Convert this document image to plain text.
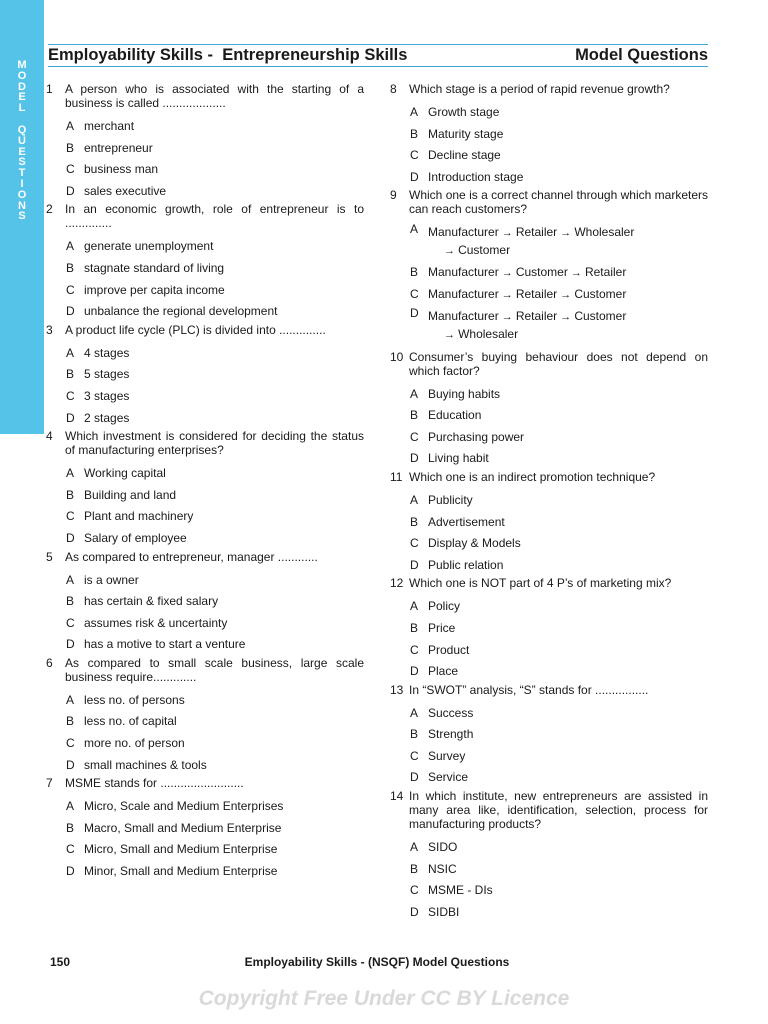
M
O
D
E
L
Q
U
E
S
T
I
O
N
S
Employability Skills -  Entrepreneurship Skills	Model Questions
1 A person who is associated with the starting of a business is called ...................
A merchant
B entrepreneur
C business man
D sales executive
2 In an economic growth, role of entrepreneur is to ..............
A generate unemployment
B stagnate standard of living
C improve per capita income
D unbalance the regional development
3 A product life cycle (PLC) is divided into ..............
A 4 stages
B 5 stages
C 3 stages
D 2 stages
4 Which investment is considered for deciding the status of manufacturing enterprises?
A Working capital
B Building and land
C Plant and machinery
D Salary of employee
5 As compared to entrepreneur, manager ............
A is a owner
B has certain & fixed salary
C assumes risk & uncertainty
D has a motive to start a venture
6 As compared to small scale business, large scale business require.............
A less no. of persons
B less no. of capital
C more no. of person
D small machines & tools
7 MSME stands for .........................
A Micro, Scale and Medium Enterprises
B Macro, Small and Medium Enterprise
C Micro, Small and Medium Enterprise
D Minor, Small and Medium Enterprise
8 Which stage is a period of rapid revenue growth?
A Growth stage
B Maturity stage
C Decline stage
D Introduction stage
9 Which one is a correct channel through which marketers can reach customers?
A Manufacturer → Retailer → Wholesaler
→ Customer
B Manufacturer → Customer → Retailer
C Manufacturer → Retailer → Customer
D Manufacturer → Retailer → Customer
→ Wholesaler
10 Consumer’s buying behaviour does not depend on which factor?
A Buying habits
B Education
C Purchasing power
D Living habit
11 Which one is an indirect promotion technique?
A Publicity
B Advertisement
C Display & Models
D Public relation
12 Which one is NOT part of 4 P’s of marketing mix?
A Policy
B Price
C Product
D Place
13 In “SWOT” analysis, “S” stands for ................
A Success
B Strength
C Survey
D Service
14 In which institute, new entrepreneurs are assisted in many area like, identification, selection, process for manufacturing products?
A SIDO
B NSIC
C MSME - DIs
D SIDBI
150	Employability Skills - (NSQF) Model Questions
Copyright Free Under CC BY Licence
